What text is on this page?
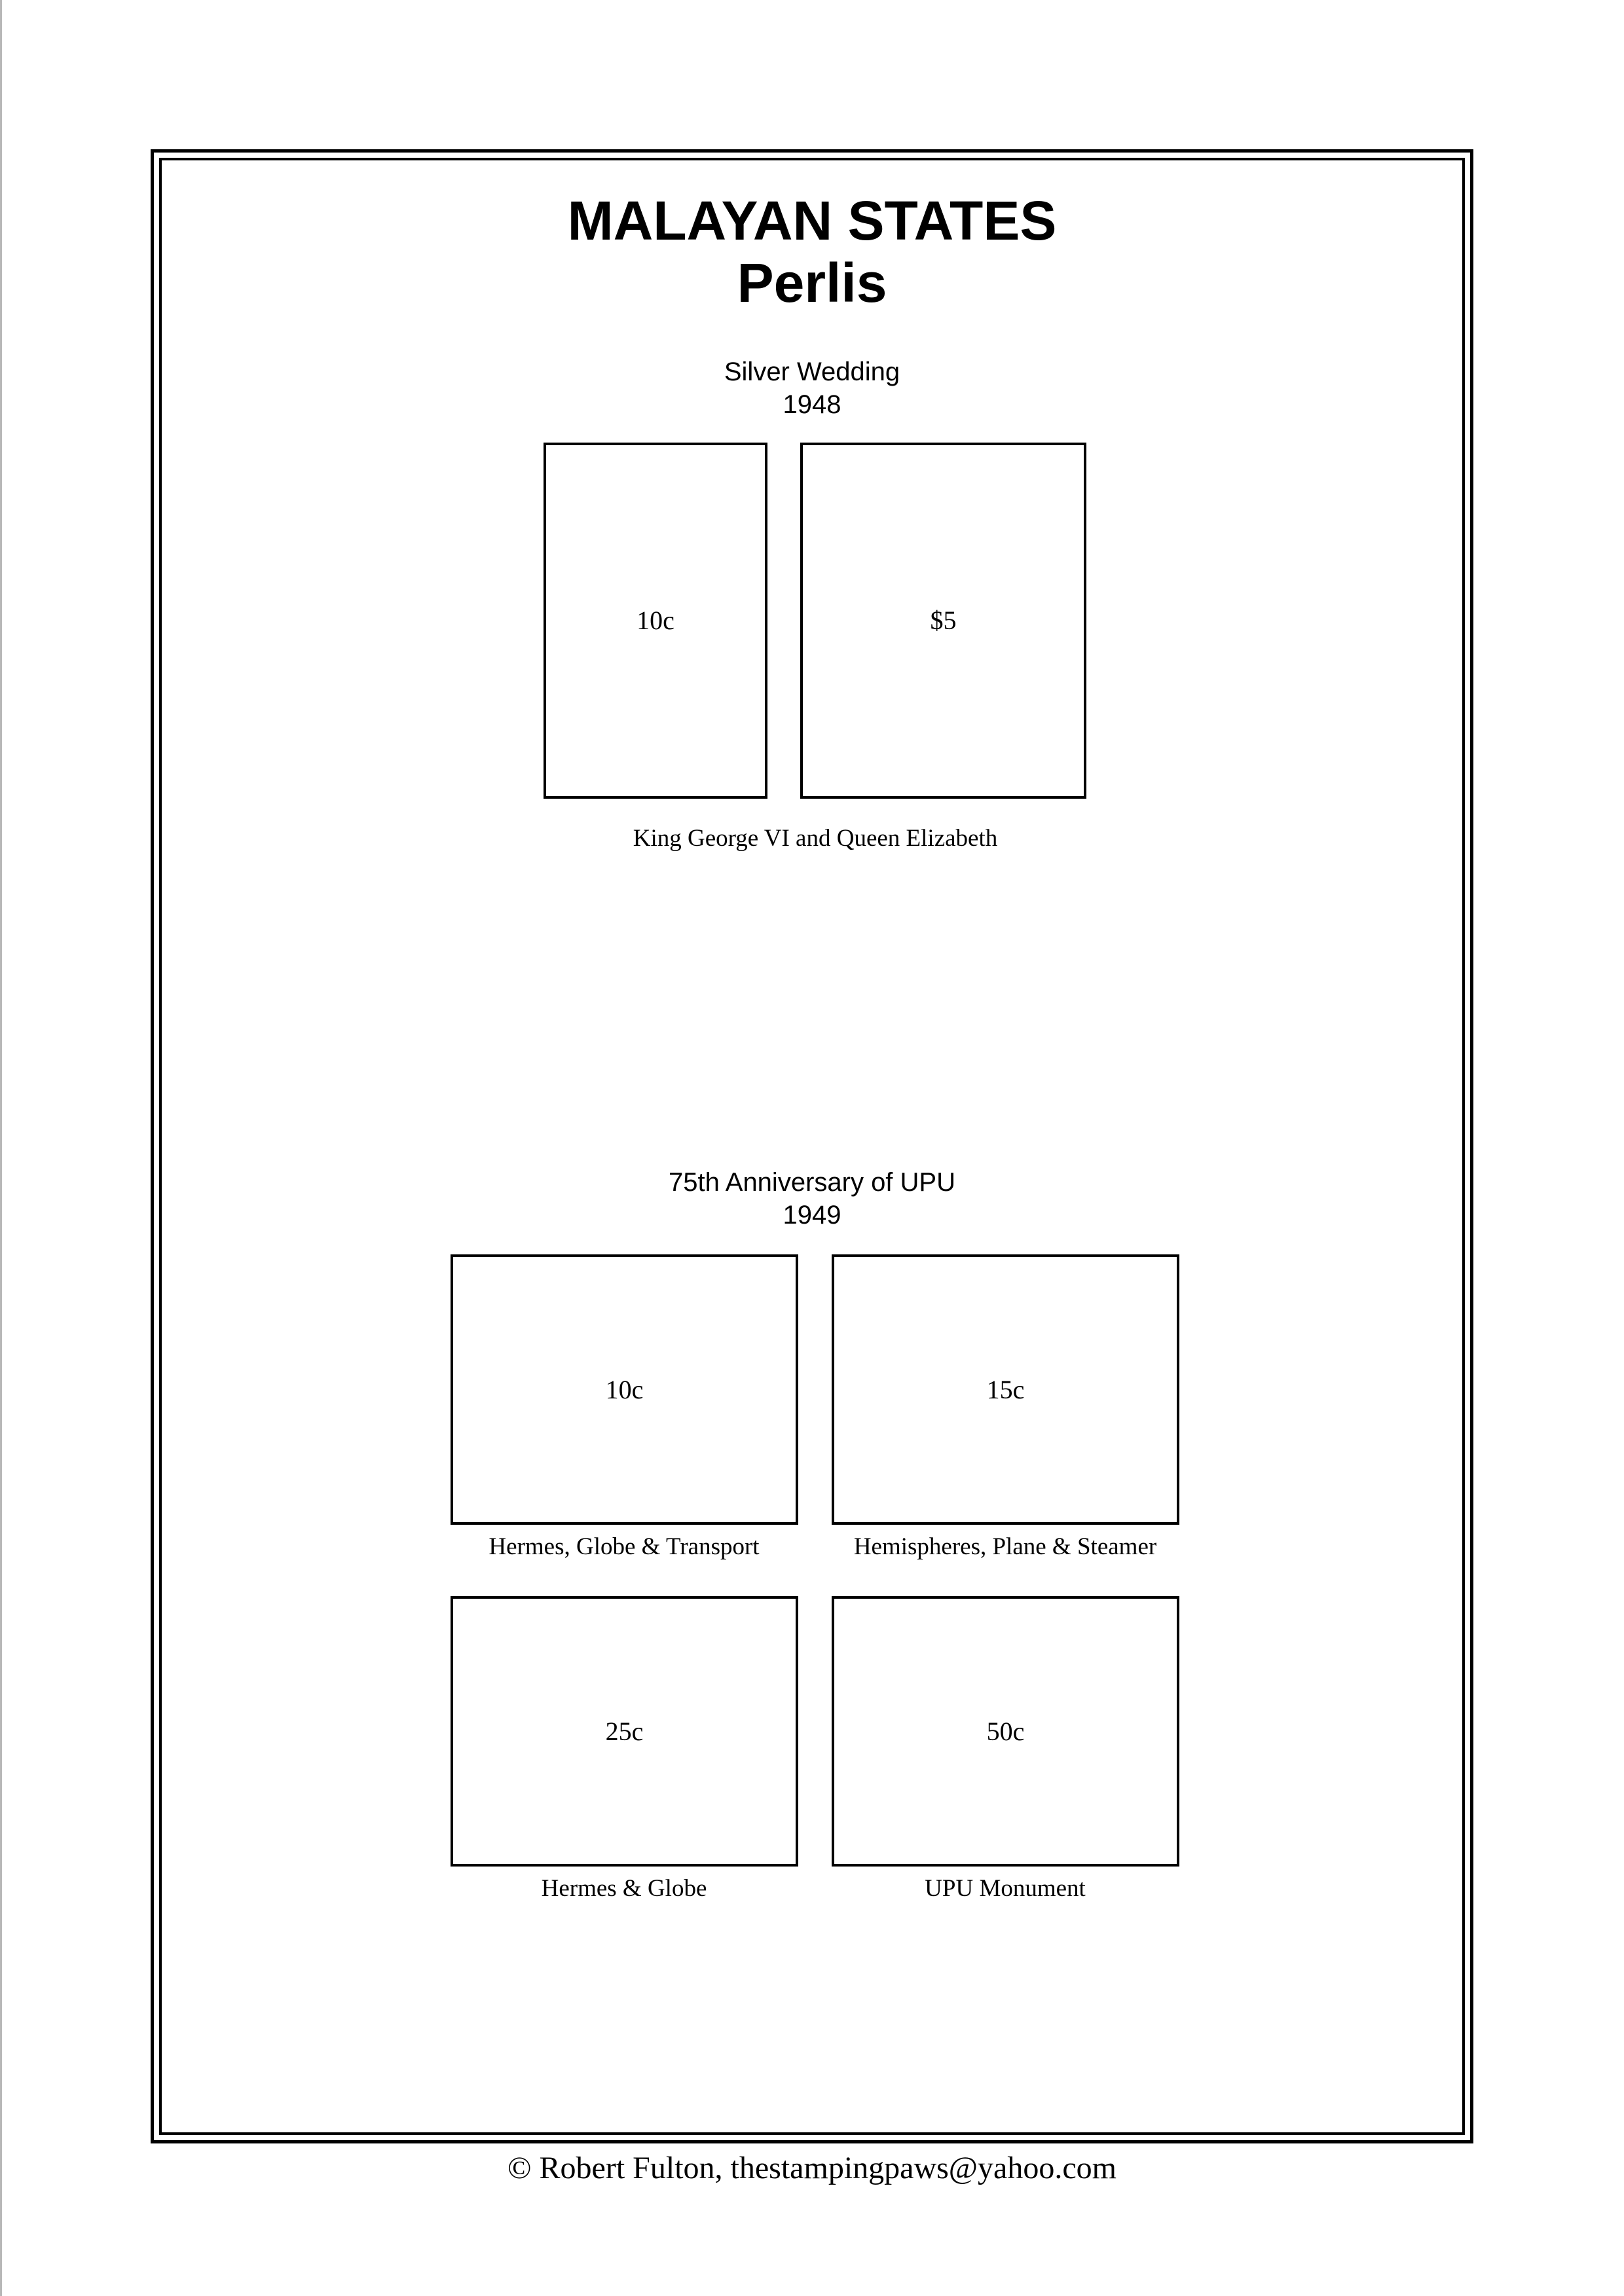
MALAYAN STATES
Perlis
Silver Wedding
1948
10c	$5
King George VI and Queen Elizabeth
75th Anniversary of UPU
1949
10c	15c
Hermes, Globe & Transport	Hemispheres, Plane & Steamer
25c	50c
Hermes & Globe	UPU Monument
© Robert Fulton, thestampingpaws@yahoo.com
